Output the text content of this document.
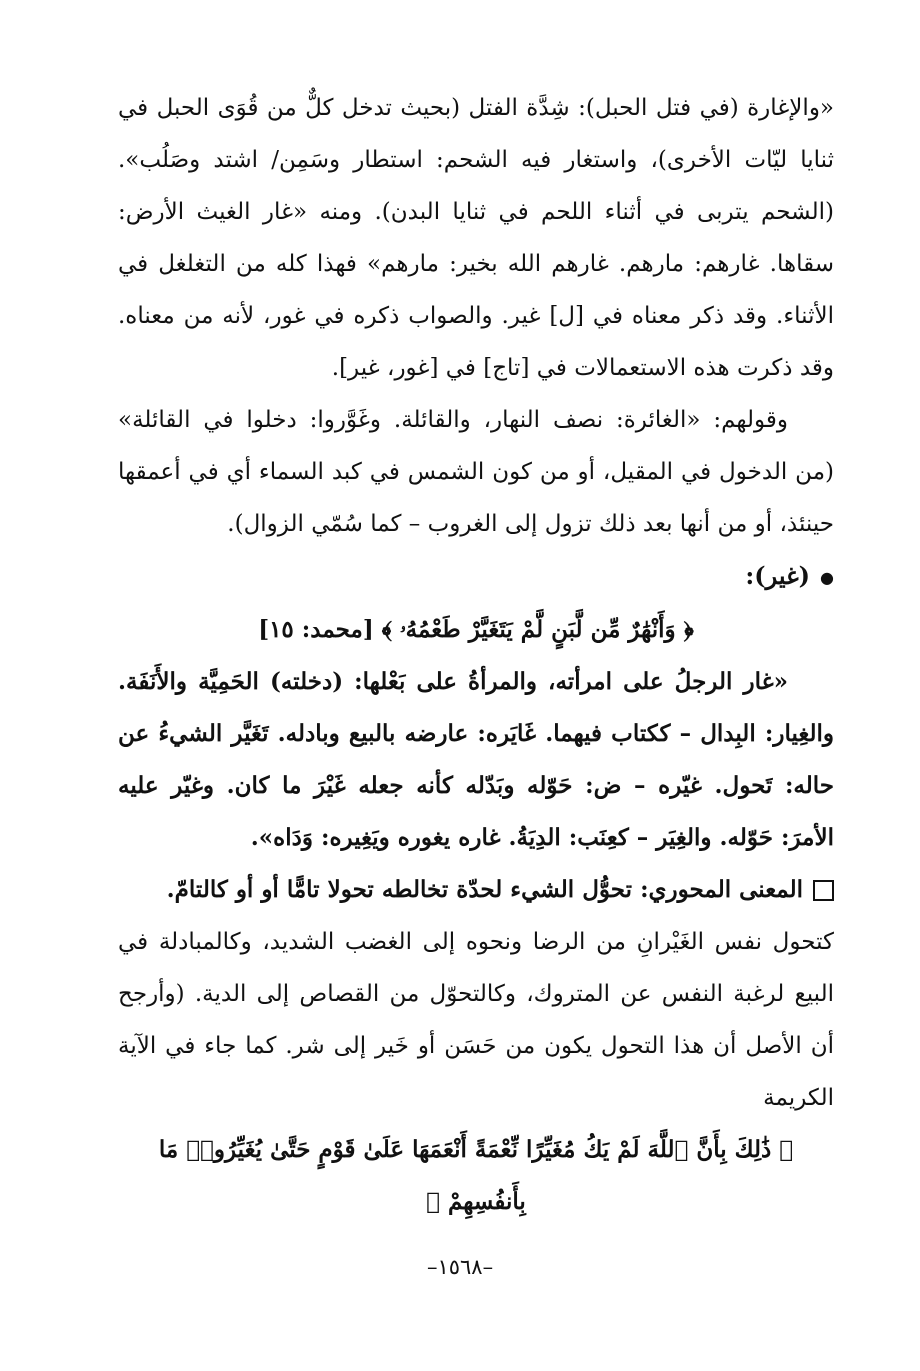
«والإغارة (في فتل الحبل): شِدَّة الفتل (بحيث تدخل كلٌّ من قُوَى الحبل في ثنايا ليّات الأخرى)، واستغار فيه الشحم: استطار وسَمِن/ اشتد وصَلُب». (الشحم يتربى في أثناء اللحم في ثنايا البدن). ومنه «غار الغيث الأرض: سقاها. غارهم: مارهم. غارهم الله بخير: مارهم» فهذا كله من التغلغل في الأثناء. وقد ذكر معناه في [ل] غير. والصواب ذكره في غور، لأنه من معناه. وقد ذكرت هذه الاستعمالات في [تاج] في [غور، غير].

وقولهم: «الغائرة: نصف النهار، والقائلة. وغَوَّروا: دخلوا في القائلة» (من الدخول في المقيل، أو من كون الشمس في كبد السماء أي في أعمقها حينئذ، أو من أنها بعد ذلك تزول إلى الغروب – كما سُمّي الزوال).

●(غير):

﴿ وَأَنْهَٰرٌ مِّن لَّبَنٍ لَّمْ يَتَغَيَّرْ طَعْمُهُۥ ﴾ [محمد: ١٥]

«غار الرجلُ على امرأته، والمرأةُ على بَعْلها: (دخلته) الحَمِيَّة والأَنَفَة. والغِيار: البِدال – ككتاب فيهما. غَايَره: عارضه بالبيع وبادله. تَغَيَّر الشيءُ عن حاله: تَحول. غيّره – ض: حَوّله وبَدّله كأنه جعله غَيْرَ ما كان. وغيّر عليه الأمرَ: حَوّله. والغِيَر – كعِنَب: الدِيَةُ. غاره يغوره ويَغِيره: وَدَاه».

المعنى المحوري: تحوُّل الشيء لحدّة تخالطه تحولا تامًّا أو أو كالتامّ.

كتحول نفس الغَيْرانِ من الرضا ونحوه إلى الغضب الشديد، وكالمبادلة في البيع لرغبة النفس عن المتروك، وكالتحوّل من القصاص إلى الدية. (وأرجح أن الأصل أن هذا التحول يكون من حَسَن أو خَير إلى شر. كما جاء في الآية الكريمة

﴿ ذَٰلِكَ بِأَنَّ ٱللَّهَ لَمْ يَكُ مُغَيِّرًا نِّعْمَةً أَنْعَمَهَا عَلَىٰ قَوْمٍ حَتَّىٰ يُغَيِّرُوا۟ مَا بِأَنفُسِهِمْ ﴾

–١٥٦٨–
